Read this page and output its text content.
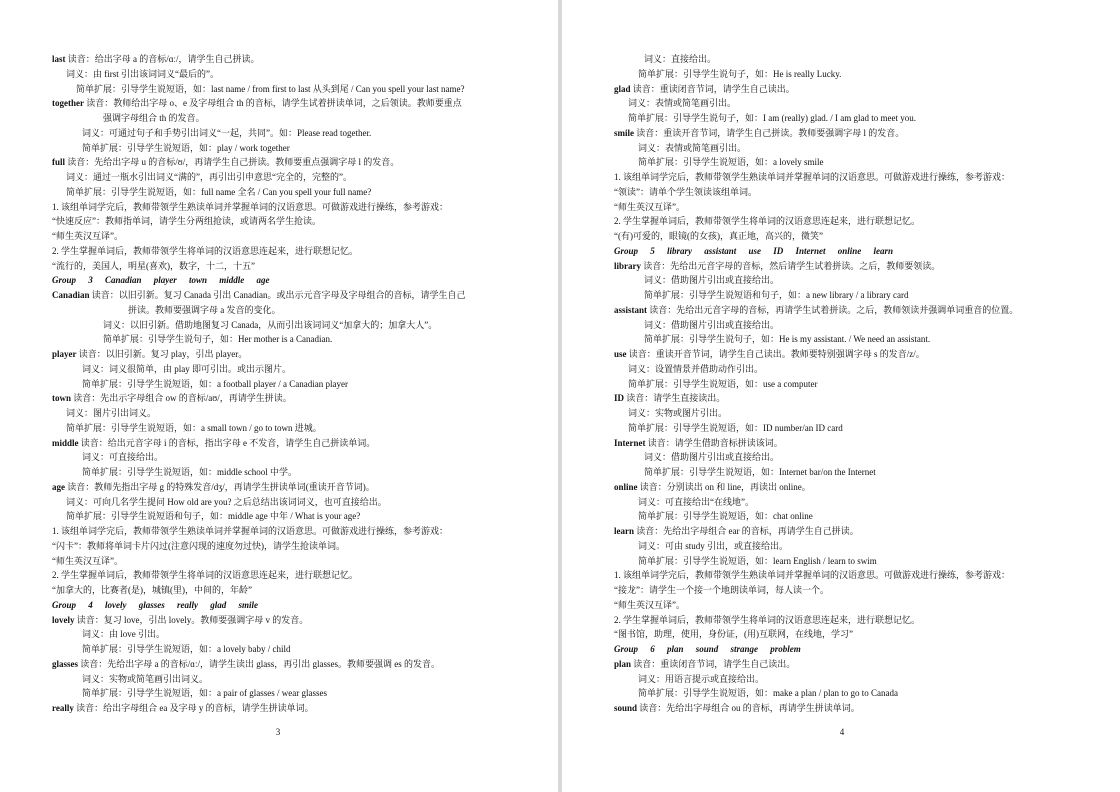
last 读音：给出字母 a 的音标/ɑː/，请学生自己拼读。
词义：由 first 引出该词词义“最后的”。
简单扩展：引导学生说短语，如：last name / from first to last 从头到尾 / Can you spell your last name?
together 读音：教师给出字母 o、e 及字母组合 th 的音标，请学生试着拼读单词，之后领读。教师要重点
强调字母组合 th 的发音。
词义：可通过句子和手势引出词义“一起，共同”。如：Please read together.
简单扩展：引导学生说短语，如：play / work together
full 读音：先给出字母 u 的音标/ʊ/，再请学生自己拼读。教师要重点强调字母 l 的发音。
词义：通过一瓶水引出词义“满的”，再引出引申意思“完全的，完整的”。
简单扩展：引导学生说短语，如：full name 全名 / Can you spell your full name?
1. 该组单词学完后，教师带领学生熟读单词并掌握单词的汉语意思。可做游戏进行操练，参考游戏：
“快速反应”：教师指单词，请学生分两组抢读，或请两名学生抢读。
“师生英汉互译”。
2. 学生掌握单词后，教师带领学生将单词的汉语意思连起来，进行联想记忆。
“流行的，美国人，明星(喜欢)，数字，十二，十五”
Group 3 Canadian player town middle age
Canadian 读音：以旧引新。复习 Canada 引出 Canadian。或出示元音字母及字母组合的音标，请学生自己
拼读。教师要强调字母 a 发音的变化。
词义：以旧引新。借助地图复习 Canada，从而引出该词词义“加拿大的；加拿大人”。
简单扩展：引导学生说句子，如：Her mother is a Canadian.
player 读音：以旧引新。复习 play，引出 player。
词义：词义很简单，由 play 即可引出。或出示图片。
简单扩展：引导学生说短语，如：a football player / a Canadian player
town 读音：先出示字母组合 ow 的音标/aʊ/，再请学生拼读。
词义：图片引出词义。
简单扩展：引导学生说短语，如：a small town / go to town 进城。
middle 读音：给出元音字母 i 的音标，指出字母 e 不发音，请学生自己拼读单词。
词义：可直接给出。
简单扩展：引导学生说短语，如：middle school 中学。
age 读音：教师先指出字母 g 的特殊发音/dʒ/，再请学生拼读单词(重读开音节词)。
词义：可向几名学生提问 How old are you? 之后总结出该词词义，也可直接给出。
简单扩展：引导学生说短语和句子，如：middle age 中年 / What is your age?
1. 该组单词学完后，教师带领学生熟读单词并掌握单词的汉语意思。可做游戏进行操练，参考游戏：
“闪卡”：教师将单词卡片闪过(注意闪现的速度勿过快)，请学生抢读单词。
“师生英汉互译”。
2. 学生掌握单词后，教师带领学生将单词的汉语意思连起来，进行联想记忆。
“加拿大的，比赛者(是)，城镇(里)，中间的，年龄”
Group 4 lovely glasses really glad smile
lovely 读音：复习 love，引出 lovely。教师要强调字母 v 的发音。
词义：由 love 引出。
简单扩展：引导学生说短语，如：a lovely baby / child
glasses 读音：先给出字母 a 的音标/ɑː/，请学生读出 glass，再引出 glasses。教师要强调 es 的发音。
词义：实物或简笔画引出词义。
简单扩展：引导学生说短语，如：a pair of glasses / wear glasses
really 读音：给出字母组合 ea 及字母 y 的音标，请学生拼读单词。
3
词义：直接给出。
简单扩展：引导学生说句子，如：He is really Lucky.
glad 读音：重读闭音节词，请学生自己读出。
词义：表情或简笔画引出。
简单扩展：引导学生说句子，如：I am (really) glad. / I am glad to meet you.
smile 读音：重读开音节词，请学生自己拼读。教师要强调字母 l 的发音。
词义：表情或简笔画引出。
简单扩展：引导学生说短语，如：a lovely smile
1. 该组单词学完后，教师带领学生熟读单词并掌握单词的汉语意思。可做游戏进行操练，参考游戏：
“领读”：请单个学生领读该组单词。
“师生英汉互译”。
2. 学生掌握单词后，教师带领学生将单词的汉语意思连起来，进行联想记忆。
“(有)可爱的，眼镜(的女孩)，真正地，高兴的，微笑”
Group 5 library assistant use ID Internet online learn
library 读音：先给出元音字母的音标，然后请学生试着拼读。之后，教师要领读。
词义：借助图片引出或直接给出。
简单扩展：引导学生说短语和句子，如：a new library / a library card
assistant 读音：先给出元音字母的音标，再请学生试着拼读。之后，教师领读并强调单词重音的位置。
词义：借助图片引出或直接给出。
简单扩展：引导学生说句子，如：He is my assistant. / We need an assistant.
use 读音：重读开音节词，请学生自己读出。教师要特别强调字母 s 的发音/z/。
词义：设置情景并借助动作引出。
简单扩展：引导学生说短语，如：use a computer
ID 读音：请学生直接读出。
词义：实物或图片引出。
简单扩展：引导学生说短语，如：ID number/an ID card
Internet 读音：请学生借助音标拼读该词。
词义：借助图片引出或直接给出。
简单扩展：引导学生说短语，如：Internet bar/on the Internet
online 读音：分别读出 on 和 line，再读出 online。
词义：可直接给出“在线地”。
简单扩展：引导学生说短语，如：chat online
learn 读音：先给出字母组合 ear 的音标，再请学生自己拼读。
词义：可由 study 引出，或直接给出。
简单扩展：引导学生说短语，如：learn English / learn to swim
1. 该组单词学完后，教师带领学生熟读单词并掌握单词的汉语意思。可做游戏进行操练，参考游戏：
“接龙”：请学生一个接一个地朗读单词，每人读一个。
“师生英汉互译”。
2. 学生掌握单词后，教师带领学生将单词的汉语意思连起来，进行联想记忆。
“图书馆，助理，使用，身份证，(用)互联网，在线地，学习”
Group 6 plan sound strange problem
plan 读音：重读闭音节词，请学生自己读出。
词义：用语言提示或直接给出。
简单扩展：引导学生说短语，如：make a plan / plan to go to Canada
sound 读音：先给出字母组合 ou 的音标，再请学生拼读单词。
4
